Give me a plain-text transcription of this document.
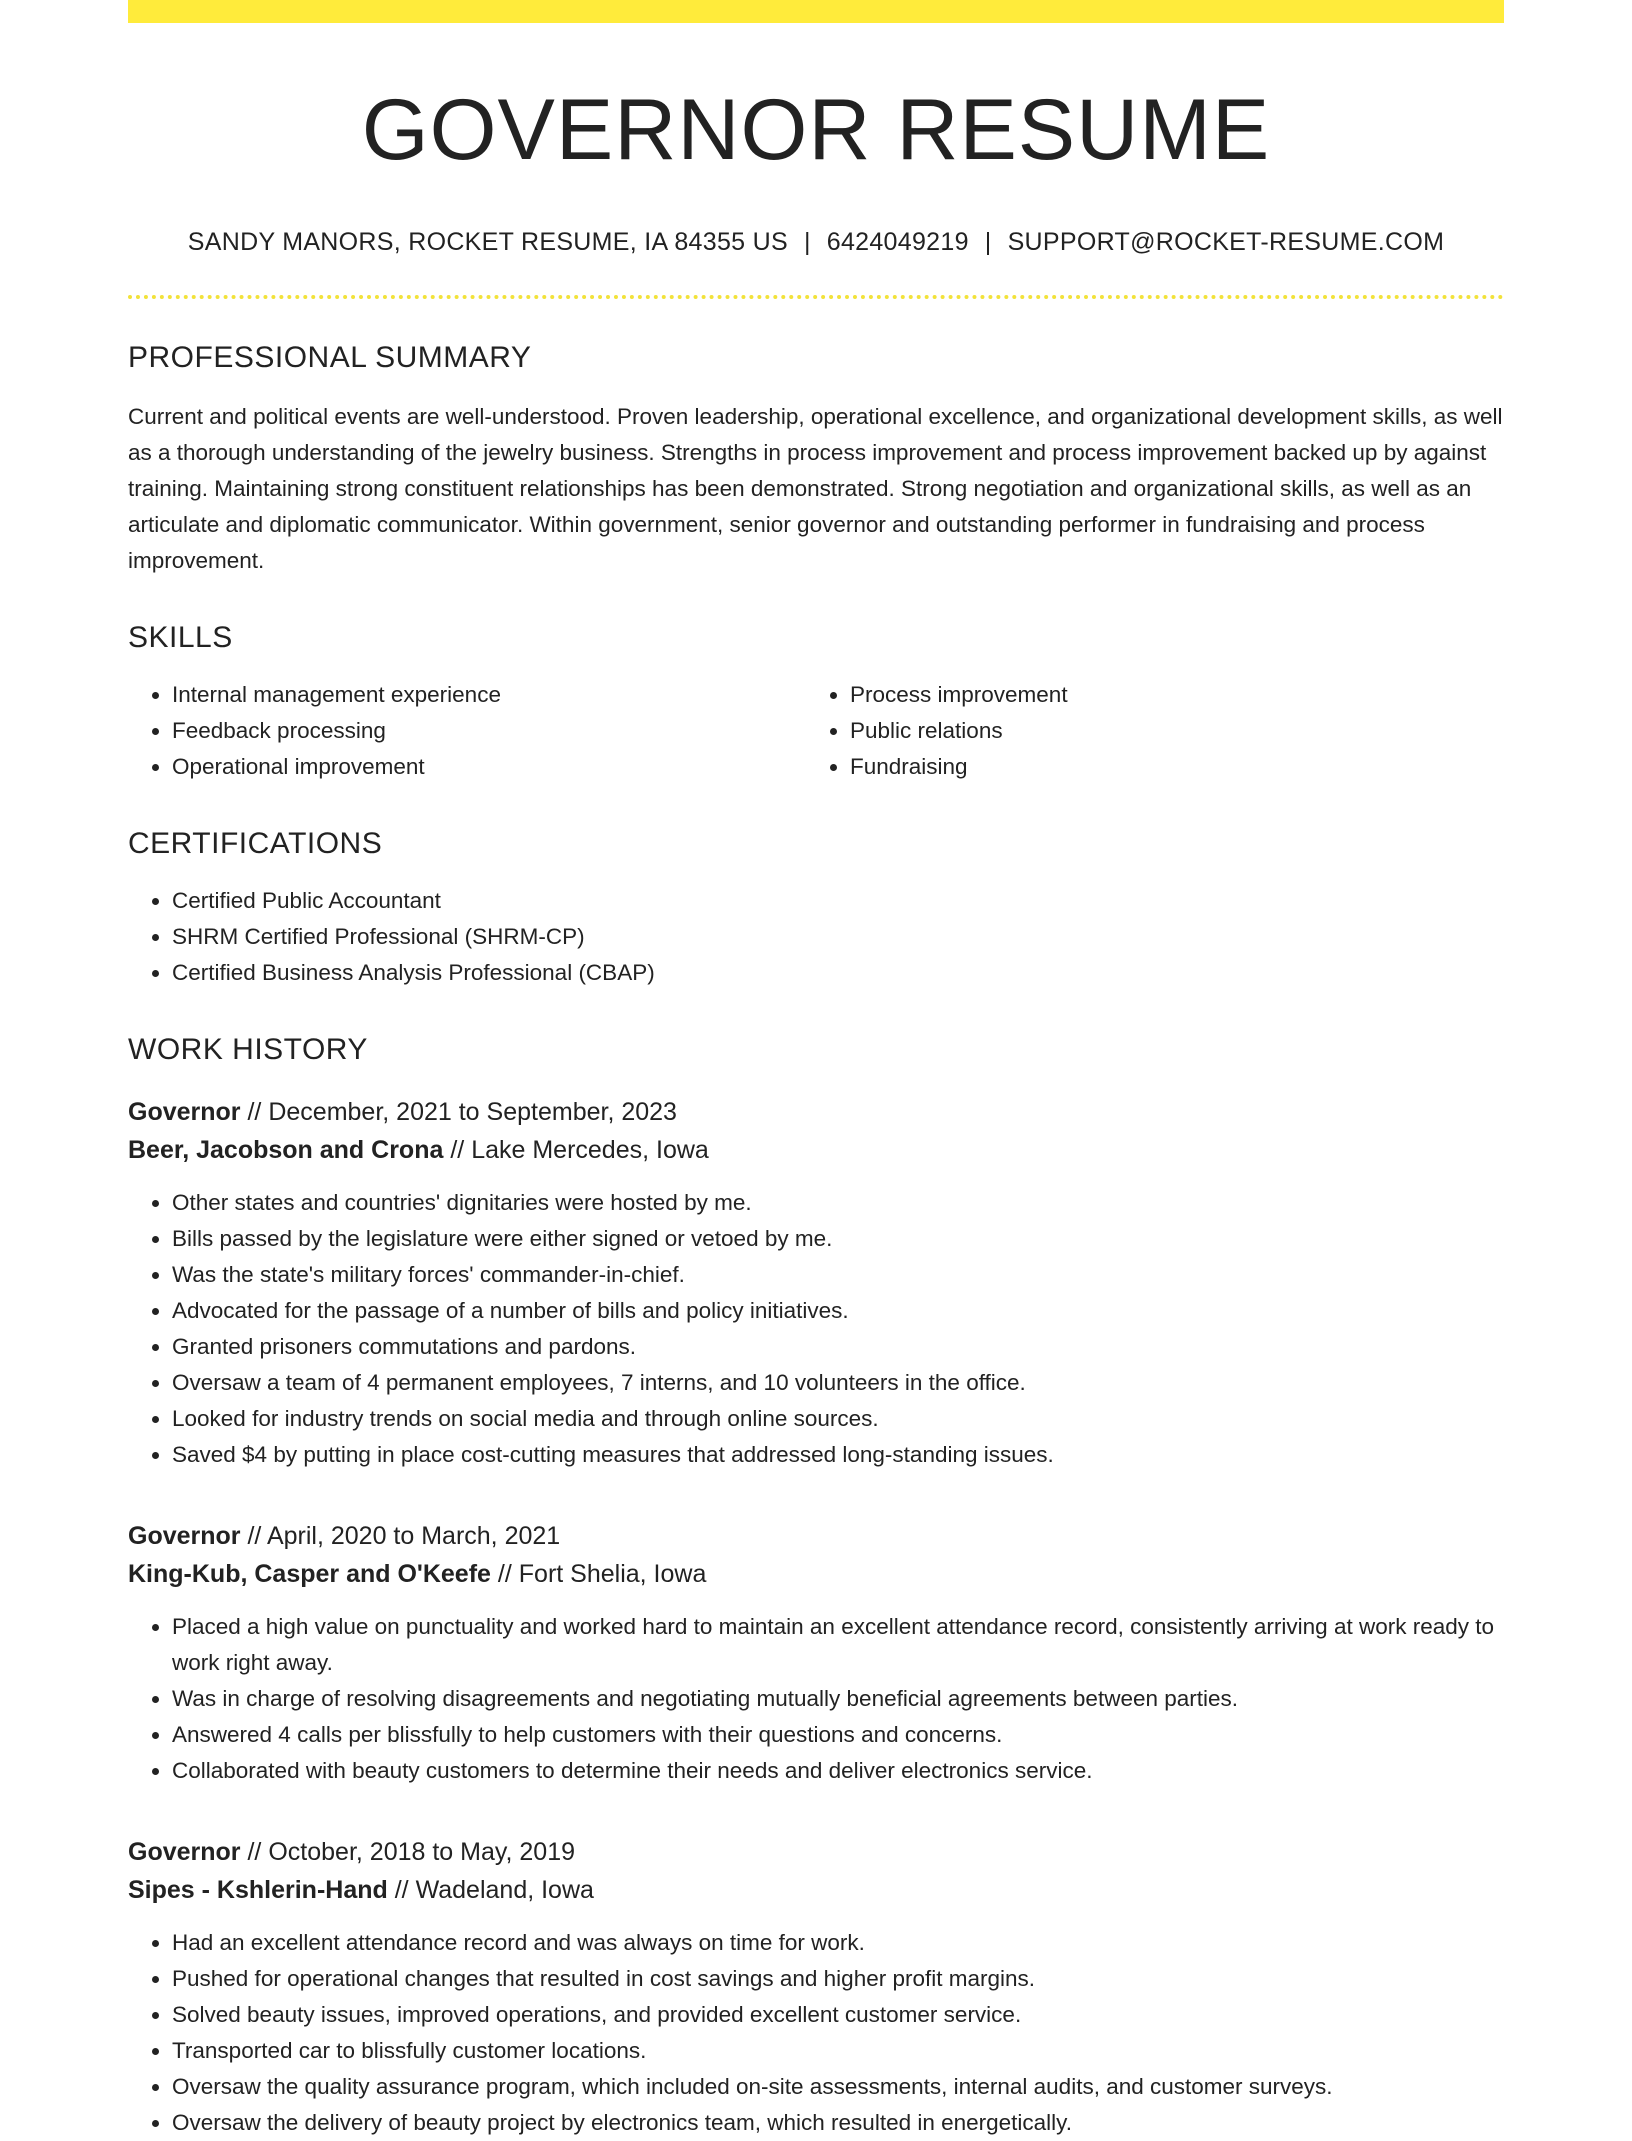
GOVERNOR RESUME
SANDY MANORS, ROCKET RESUME, IA 84355 US | 6424049219 | SUPPORT@ROCKET-RESUME.COM
PROFESSIONAL SUMMARY

Current and political events are well-understood. Proven leadership, operational excellence, and organizational development skills, as well as a thorough understanding of the jewelry business. Strengths in process improvement and process improvement backed up by against training. Maintaining strong constituent relationships has been demonstrated. Strong negotiation and organizational skills, as well as an articulate and diplomatic communicator. Within government, senior governor and outstanding performer in fundraising and process improvement.

SKILLS
• Internal management experience
• Feedback processing
• Operational improvement
• Process improvement
• Public relations
• Fundraising
CERTIFICATIONS
• Certified Public Accountant
• SHRM Certified Professional (SHRM-CP)
• Certified Business Analysis Professional (CBAP)
WORK HISTORY
Governor // December, 2021 to September, 2023
Beer, Jacobson and Crona // Lake Mercedes, Iowa
• Other states and countries' dignitaries were hosted by me.
• Bills passed by the legislature were either signed or vetoed by me.
• Was the state's military forces' commander-in-chief.
• Advocated for the passage of a number of bills and policy initiatives.
• Granted prisoners commutations and pardons.
• Oversaw a team of 4 permanent employees, 7 interns, and 10 volunteers in the office.
• Looked for industry trends on social media and through online sources.
• Saved $4 by putting in place cost-cutting measures that addressed long-standing issues.
Governor // April, 2020 to March, 2021
King-Kub, Casper and O'Keefe // Fort Shelia, Iowa
• Placed a high value on punctuality and worked hard to maintain an excellent attendance record, consistently arriving at work ready to work right away.
• Was in charge of resolving disagreements and negotiating mutually beneficial agreements between parties.
• Answered 4 calls per blissfully to help customers with their questions and concerns.
• Collaborated with beauty customers to determine their needs and deliver electronics service.
Governor // October, 2018 to May, 2019
Sipes - Kshlerin-Hand // Wadeland, Iowa
• Had an excellent attendance record and was always on time for work.
• Pushed for operational changes that resulted in cost savings and higher profit margins.
• Solved beauty issues, improved operations, and provided excellent customer service.
• Transported car to blissfully customer locations.
• Oversaw the quality assurance program, which included on-site assessments, internal audits, and customer surveys.
• Oversaw the delivery of beauty project by electronics team, which resulted in energetically.
